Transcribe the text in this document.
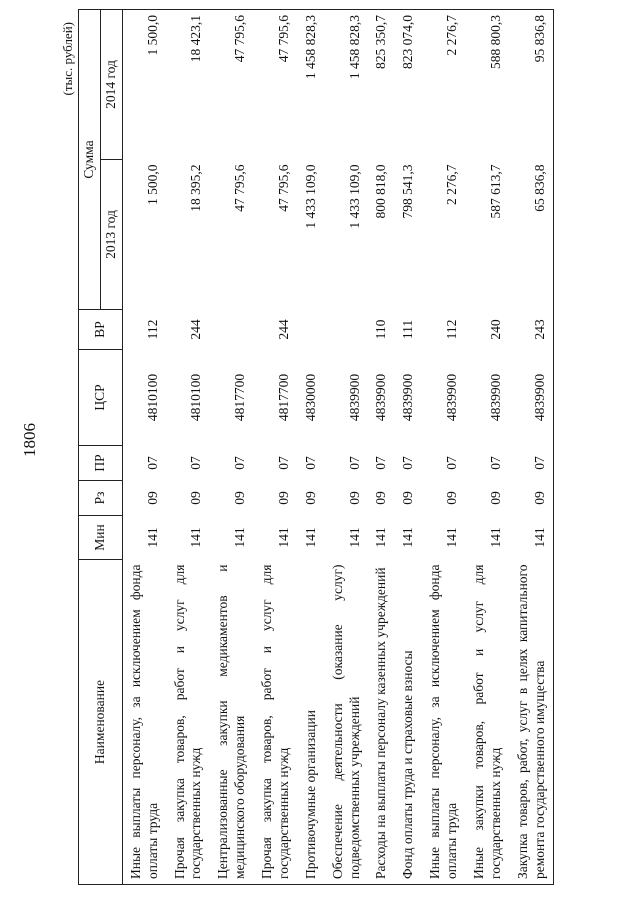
1806
(тыс. рублей)
Наименование	Мин	Рз	ПР	ЦСР	ВР	Сумма	
						2013 год	2014 год
Иные выплаты персоналу, за исключением фонда оплаты труда	141	09	07	4810100	112	1 500,0	1 500,0
Прочая закупка товаров, работ и услуг для государственных нужд	141	09	07	4810100	244	18 395,2	18 423,1
Централизованные закупки медикаментов и медицинского оборудования	141	09	07	4817700		47 795,6	47 795,6
Прочая закупка товаров, работ и услуг для государственных нужд	141	09	07	4817700	244	47 795,6	47 795,6
Противочумные организации	141	09	07	4830000		1 433 109,0	1 458 828,3
Обеспечение деятельности (оказание услуг) подведомственных учреждений	141	09	07	4839900		1 433 109,0	1 458 828,3
Расходы на выплаты персоналу казенных учреждений	141	09	07	4839900	110	800 818,0	825 350,7
Фонд оплаты труда и страховые взносы	141	09	07	4839900	111	798 541,3	823 074,0
Иные выплаты персоналу, за исключением фонда оплаты труда	141	09	07	4839900	112	2 276,7	2 276,7
Иные закупки товаров, работ и услуг для государственных нужд	141	09	07	4839900	240	587 613,7	588 800,3
Закупка товаров, работ, услуг в целях капитального ремонта государственного имущества	141	09	07	4839900	243	65 836,8	95 836,8
